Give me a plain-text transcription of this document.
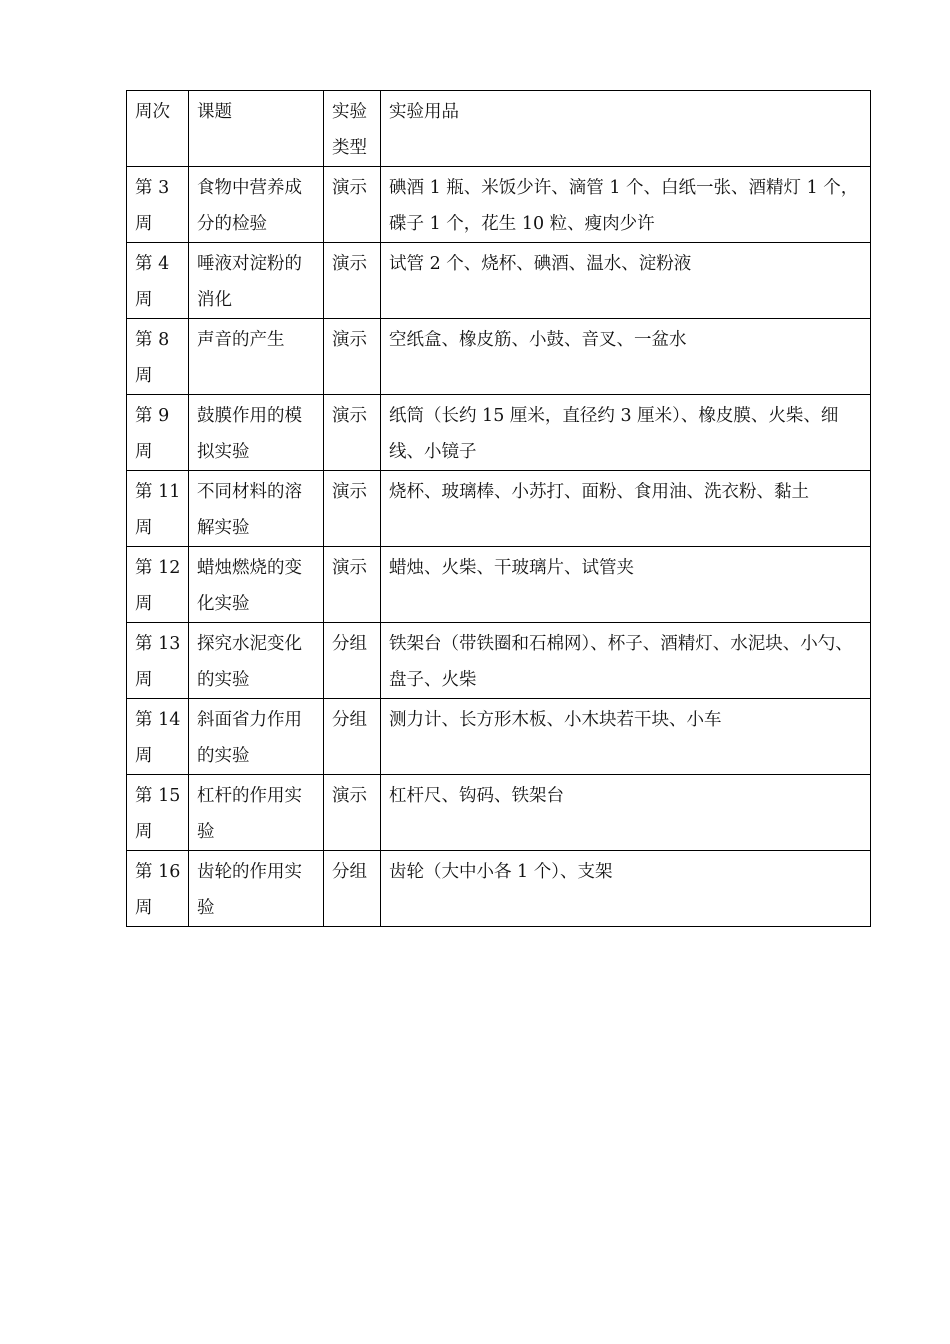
周次	课题	实验类型	实验用品

第 3 周	食物中营养成分的检验	演示	碘酒 1 瓶、米饭少许、滴管 1 个、白纸一张、酒精灯 1 个，碟子 1 个，花生 10 粒、瘦肉少许
第 4 周	唾液对淀粉的消化	演示	试管 2 个、烧杯、碘酒、温水、淀粉液
第 8 周	声音的产生	演示	空纸盒、橡皮筋、小鼓、音叉、一盆水
第 9 周	鼓膜作用的模拟实验	演示	纸筒（长约 15 厘米，直径约 3 厘米）、橡皮膜、火柴、细线、小镜子
第 11 周	不同材料的溶解实验	演示	烧杯、玻璃棒、小苏打、面粉、食用油、洗衣粉、黏土
第 12 周	蜡烛燃烧的变化实验	演示	蜡烛、火柴、干玻璃片、试管夹
第 13 周	探究水泥变化的实验	分组	铁架台（带铁圈和石棉网）、杯子、酒精灯、水泥块、小勺、盘子、火柴
第 14 周	斜面省力作用的实验	分组	测力计、长方形木板、小木块若干块、小车
第 15 周	杠杆的作用实验	演示	杠杆尺、钩码、铁架台
第 16 周	齿轮的作用实验	分组	齿轮（大中小各 1 个）、支架
